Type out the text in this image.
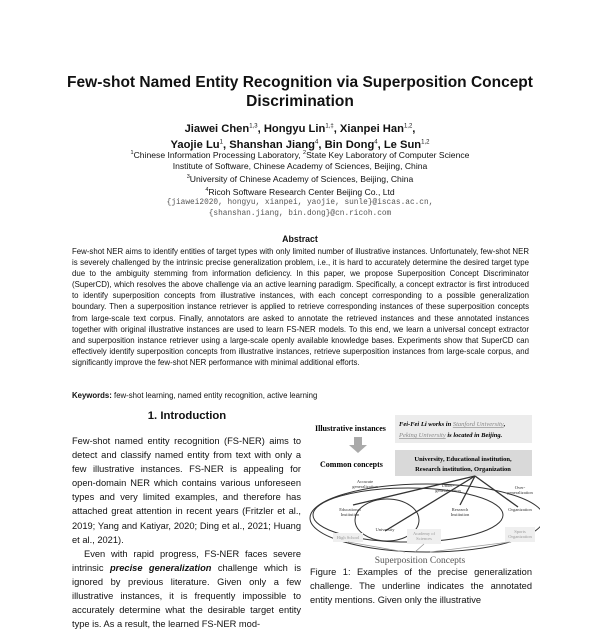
Few-shot Named Entity Recognition via Superposition Concept Discrimination
Jiawei Chen$^{1,3}$, Hongyu Lin$^{1,\ddagger}$, Xianpei Han$^{1,2}$,
Yaojie Lu$^1$, Shanshan Jiang$^4$, Bin Dong$^4$, Le Sun$^{1,2}$
$^1$Chinese Information Processing Laboratory, $^2$State Key Laboratory of Computer Science
Institute of Software, Chinese Academy of Sciences, Beijing, China
$^3$University of Chinese Academy of Sciences, Beijing, China
$^4$Ricoh Software Research Center Beijing Co., Ltd
{jiawei2020, hongyu, xianpei, yaojie, sunle}@iscas.ac.cn,
{shanshan.jiang, bin.dong}@cn.ricoh.com
Abstract
Few-shot NER aims to identify entities of target types with only limited number of illustrative instances. Unfortunately, few-shot NER is severely challenged by the intrinsic precise generalization problem, i.e., it is hard to accurately determine the desired target type due to the ambiguity stemming from information deficiency. In this paper, we propose Superposition Concept Discriminator (SuperCD), which resolves the above challenge via an active learning paradigm. Specifically, a concept extractor is first introduced to identify superposition concepts from illustrative instances, with each concept corresponding to a possible generalization boundary. Then a superposition instance retriever is applied to retrieve corresponding instances of these superposition concepts from large-scale text corpus. Finally, annotators are asked to annotate the retrieved instances and these annotated instances together with original illustrative instances are used to learn FS-NER models. To this end, we learn a universal concept extractor and superposition instance retriever using a large-scale openly available knowledge bases. Experiments show that SuperCD can effectively identify superposition concepts from illustrative instances, retrieve superposition instances from large-scale corpus, and significantly improve the few-shot NER performance with minimal additional efforts.
Keywords: few-shot learning, named entity recognition, active learning
1. Introduction

Few-shot named entity recognition (FS-NER) aims to detect and classify named entity from text with only a few illustrative instances. FS-NER is appealing for open-domain NER which contains various unforeseen types and very limited examples, and therefore has attached great attention in recent years (Fritzler et al., 2019; Yang and Katiyar, 2020; Ding et al., 2021; Huang et al., 2021).

Even with rapid progress, FS-NER faces severe intrinsic precise generalization challenge which is ignored by previous literature. Given only a few illustrative instances, it is frequently impossible to accurately determine what the desirable target entity type is. As a result, the learned FS-NER mod-

Illustrative instances Fei-Fei Li works in Stanford University,
Peking University is located in Beijing.
Common concepts
University, Educational institution,
Research institution, Organization
Accurate generalization	Under-generalization
Over-generalization
Educational Institution
University
Research Institution
Organization
High School
Academy of Sciences
Sports Organization
Superposition Concepts
Figure 1: Examples of the precise generalization challenge. The underline indicates the annotated entity mentions. Given only the illustrative
